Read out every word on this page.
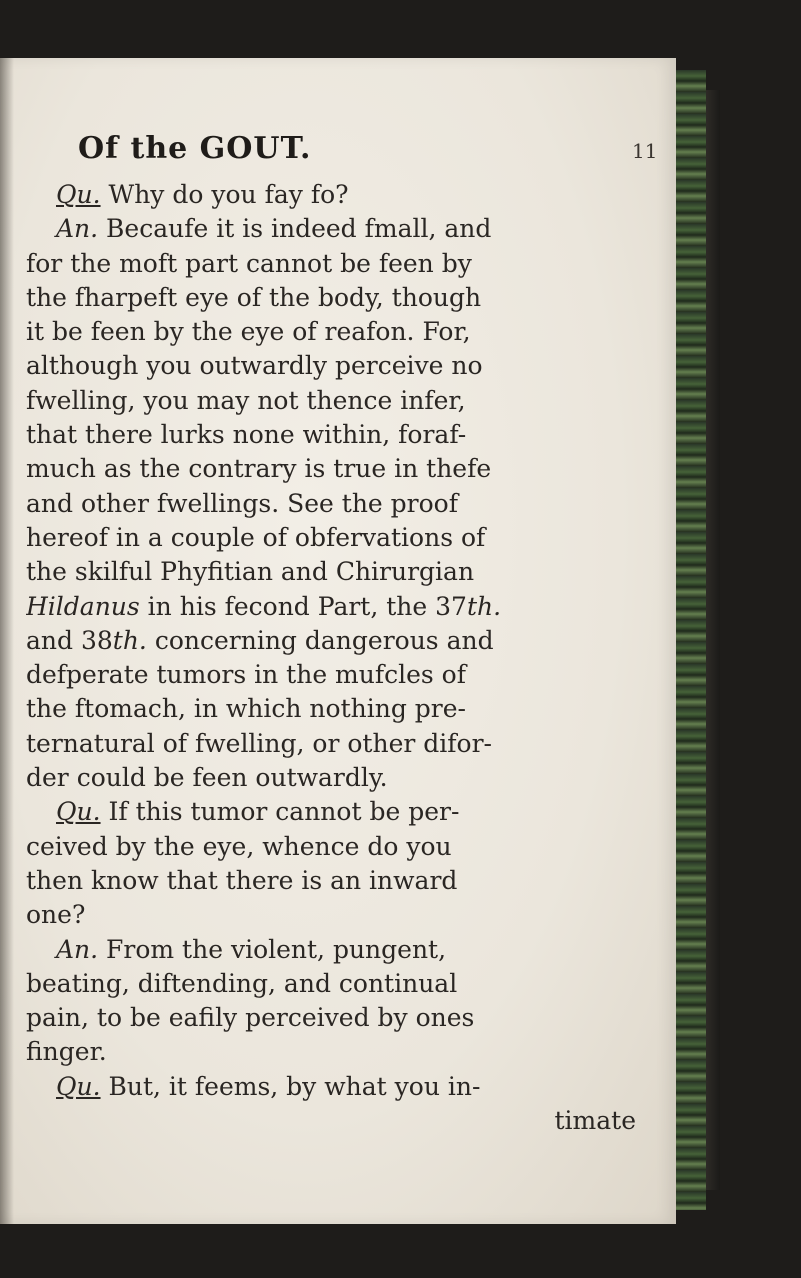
Of the GOUT.	11
Qu. Why do you fay fo?
An. Becaufe it is indeed fmall, and
for the moft part cannot be feen by
the fharpeft eye of the body, though
it be feen by the eye of reafon. For,
although you outwardly perceive no
fwelling, you may not thence infer,
that there lurks none within, foraf-
much as the contrary is true in thefe
and other fwellings. See the proof
hereof in a couple of obfervations of
the skilful Phyfitian and Chirurgian
Hildanus in his fecond Part, the 37th.
and 38th. concerning dangerous and
defperate tumors in the mufcles of
the ftomach, in which nothing pre-
ternatural of fwelling, or other difor-
der could be feen outwardly.
Qu. If this tumor cannot be per-
ceived by the eye, whence do you
then know that there is an inward
one?
An. From the violent, pungent,
beating, diftending, and continual
pain, to be eafily perceived by ones
finger.
Qu. But, it feems, by what you in-
timate
